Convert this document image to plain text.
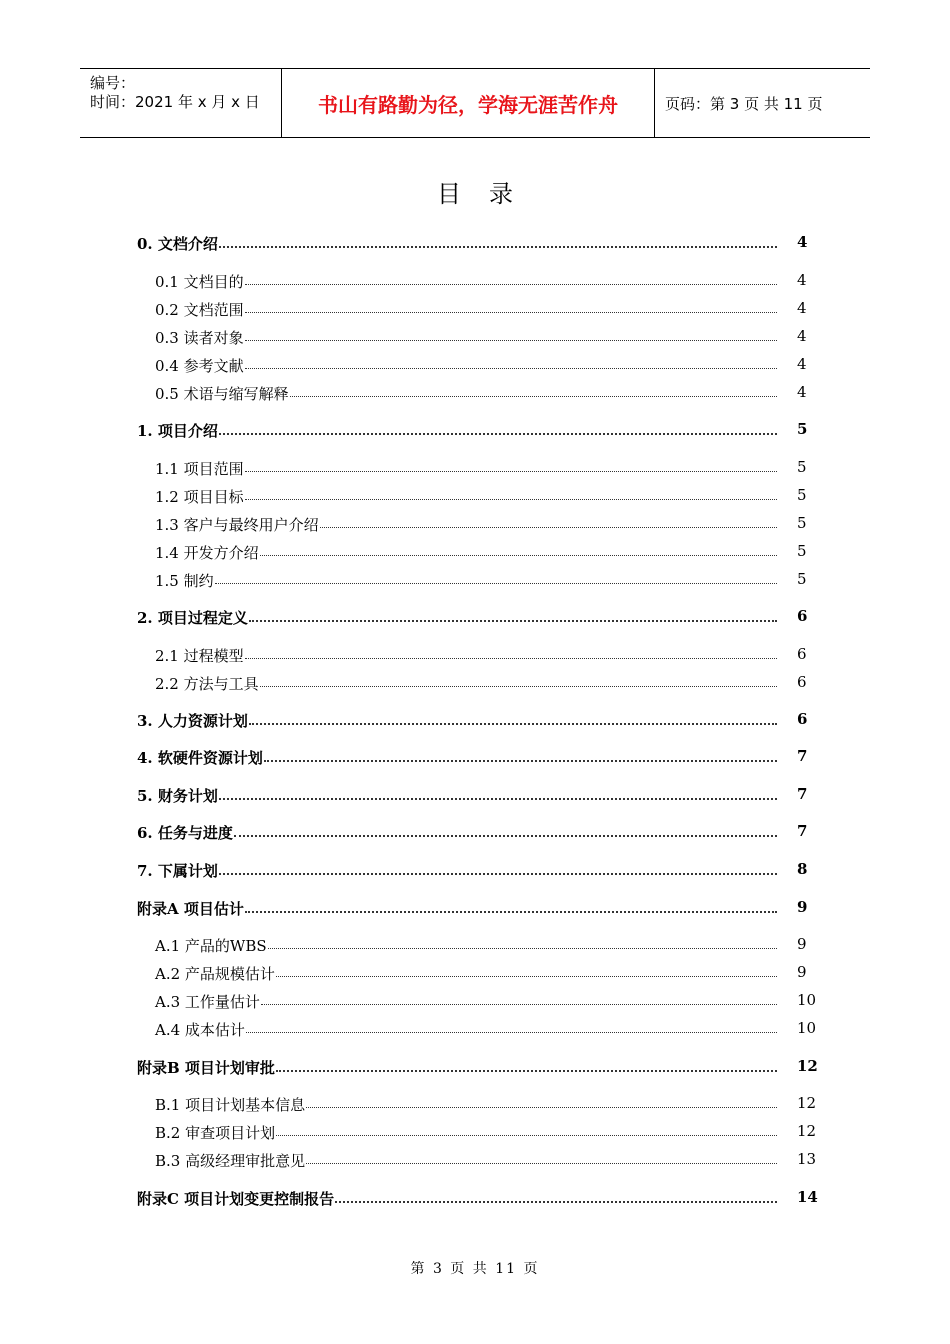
编号：
时间：2021 年 x 月 x 日	书山有路勤为径，学海无涯苦作舟	页码：第 3 页 共 11 页
目录
0. 文档介绍	4
0.1 文档目的	4
0.2 文档范围	4
0.3 读者对象	4
0.4 参考文献	4
0.5 术语与缩写解释	4
1. 项目介绍	5
1.1 项目范围	5
1.2 项目目标	5
1.3 客户与最终用户介绍	5
1.4 开发方介绍	5
1.5 制约	5
2. 项目过程定义	6
2.1 过程模型	6
2.2 方法与工具	6
3. 人力资源计划	6
4. 软硬件资源计划	7
5. 财务计划	7
6. 任务与进度	7
7. 下属计划	8
附录A 项目估计	9
A.1 产品的WBS	9
A.2 产品规模估计	9
A.3 工作量估计	10
A.4 成本估计	10
附录B 项目计划审批	12
B.1 项目计划基本信息	12
B.2 审查项目计划	12
B.3 高级经理审批意见	13
附录C 项目计划变更控制报告	14
第 3 页 共 11 页
